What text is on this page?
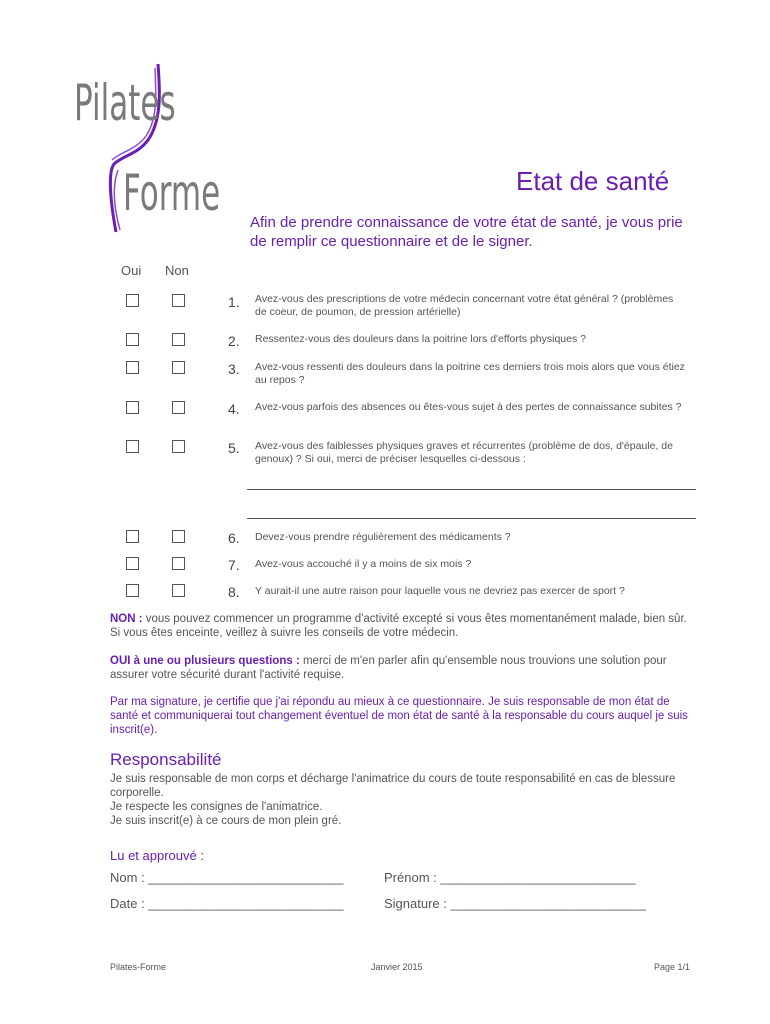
Pilates
Forme	Etat de santé
Afin de prendre connaissance de votre état de santé, je vous prie de remplir ce questionnaire et de le signer.
Oui Non
1. Avez-vous des prescriptions de votre médecin concernant votre état général ? (problèmes de coeur, de poumon, de pression artérielle)
2. Ressentez-vous des douleurs dans la poitrine lors d'efforts physiques ?
3. Avez-vous ressenti des douleurs dans la poitrine ces derniers trois mois alors que vous étiez au repos ?
4. Avez-vous parfois des absences ou êtes-vous sujet à des pertes de connaissance subites ?
5. Avez-vous des faiblesses physiques graves et récurrentes (problème de dos, d'épaule, de genoux) ? Si oui, merci de préciser lesquelles ci-dessous :
6. Devez-vous prendre régulièrement des médicaments ?
7. Avez-vous accouché il y a moins de six mois ?
8. Y aurait-il une autre raison pour laquelle vous ne devriez pas exercer de sport ?
NON : vous pouvez commencer un programme d'activité excepté si vous êtes momentanément malade, bien sûr. Si vous êtes enceinte, veillez à suivre les conseils de votre médecin.
OUI à une ou plusieurs questions : merci de m'en parler afin qu'ensemble nous trouvions une solution pour assurer votre sécurité durant l'activité requise.
Par ma signature, je certifie que j'ai répondu au mieux à ce questionnaire. Je suis responsable de mon état de santé et communiquerai tout changement éventuel de mon état de santé à la responsable du cours auquel je suis inscrit(e).
Responsabilité
Je suis responsable de mon corps et décharge l'animatrice du cours de toute responsabilité en cas de blessure corporelle.
Je respecte les consignes de l'animatrice.
Je suis inscrit(e) à ce cours de mon plein gré.
Lu et approuvé :
Nom : ___________________________	Prénom : ___________________________
Date : ___________________________	Signature : ___________________________
Pilates-Forme	Janvier 2015	Page 1/1
